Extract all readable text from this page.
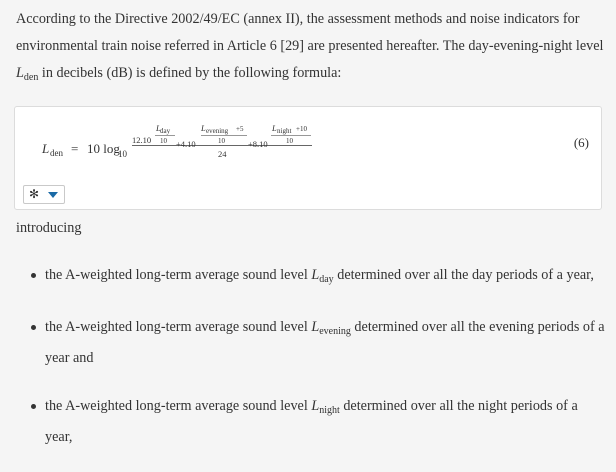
According to the Directive 2002/49/EC (annex II), the assessment methods and noise indicators for environmental train noise referred in Article 6 [29] are presented hereafter. The day-evening-night level $L_{den}$ in decibels (dB) is defined by the following formula:

L den = 10 log
10
12.10
L day
10 +4.10
L evening +5
10	+8.10
L night +10
10
24
(6)
✻
introducing
the A-weighted long-term average sound level $L_{day}$ determined over all the day periods of a year,
the A-weighted long-term average sound level $L_{evening}$ determined over all the evening periods of a year and
the A-weighted long-term average sound level $L_{night}$ determined over all the night periods of a year,
